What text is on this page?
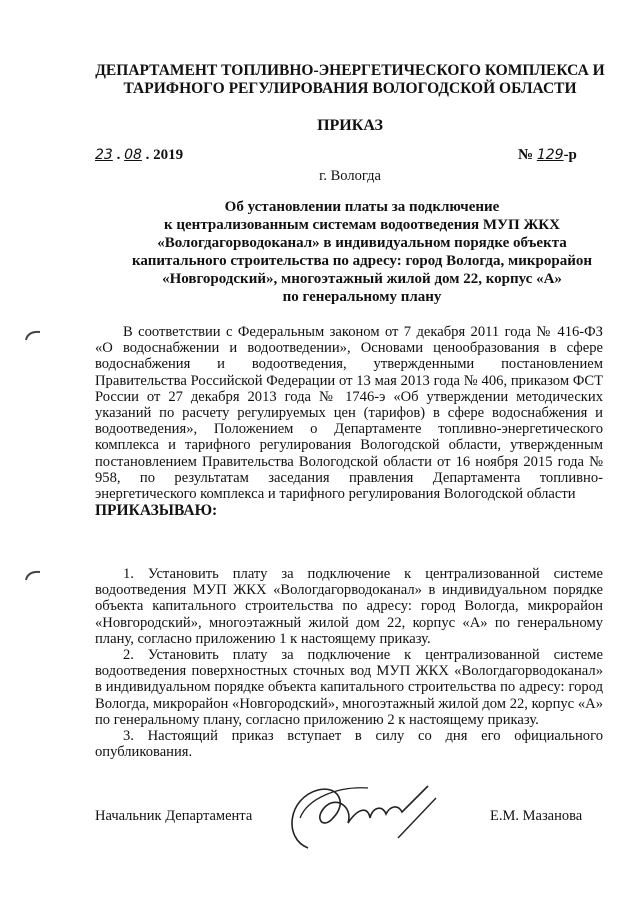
ДЕПАРТАМЕНТ ТОПЛИВНО-ЭНЕРГЕТИЧЕСКОГО КОМПЛЕКСА И
ТАРИФНОГО РЕГУЛИРОВАНИЯ ВОЛОГОДСКОЙ ОБЛАСТИ
ПРИКАЗ
23 . 08 . 2019	№ 129-р
г. Вологда
Об установлении платы за подключение
к централизованным системам водоотведения МУП ЖКХ
«Вологдагорводоканал» в индивидуальном порядке объекта
капитального строительства по адресу: город Вологда, микрорайон
«Новгородский», многоэтажный жилой дом 22, корпус «А»
по генеральному плану

В соответствии с Федеральным законом от 7 декабря 2011 года № 416-ФЗ «О водоснабжении и водоотведении», Основами ценообразования в сфере водоснабжения и водоотведения, утвержденными постановлением Правительства Российской Федерации от 13 мая 2013 года № 406, приказом ФСТ России от 27 декабря 2013 года № 1746-э «Об утверждении методических указаний по расчету регулируемых цен (тарифов) в сфере водоснабжения и водоотведения», Положением о Департаменте топливно-энергетического комплекса и тарифного регулирования Вологодской области, утвержденным постановлением Правительства Вологодской области от 16 ноября 2015 года № 958, по результатам заседания правления Департамента топливно-энергетического комплекса и тарифного регулирования Вологодской области

ПРИКАЗЫВАЮ:

1. Установить плату за подключение к централизованной системе водоотведения МУП ЖКХ «Вологдагорводоканал» в индивидуальном порядке объекта капитального строительства по адресу: город Вологда, микрорайон «Новгородский», многоэтажный жилой дом 22, корпус «А» по генеральному плану, согласно приложению 1 к настоящему приказу.

2. Установить плату за подключение к централизованной системе водоотведения поверхностных сточных вод МУП ЖКХ «Вологдагорводоканал» в индивидуальном порядке объекта капитального строительства по адресу: город Вологда, микрорайон «Новгородский», многоэтажный жилой дом 22, корпус «А» по генеральному плану, согласно приложению 2 к настоящему приказу.

3. Настоящий приказ вступает в силу со дня его официального опубликования.

Начальник Департамента	Е.М. Мазанова
